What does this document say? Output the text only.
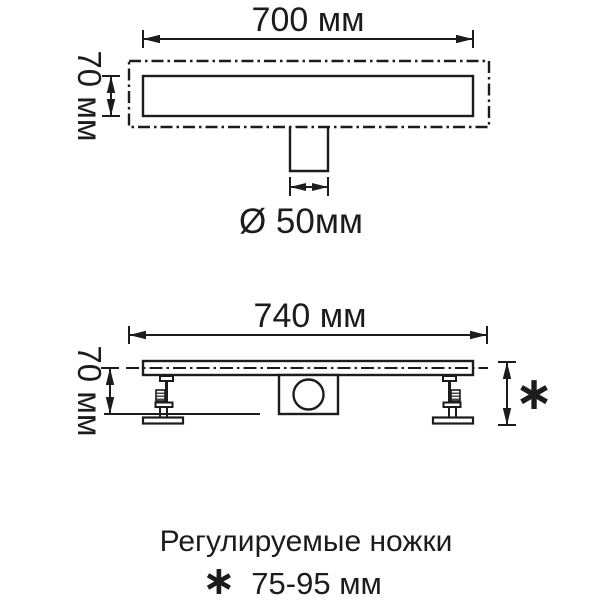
700 мм
70 мм
Ø 50мм
740 мм
70 мм	∗
Регулируемые ножки
∗ 75-95 мм
